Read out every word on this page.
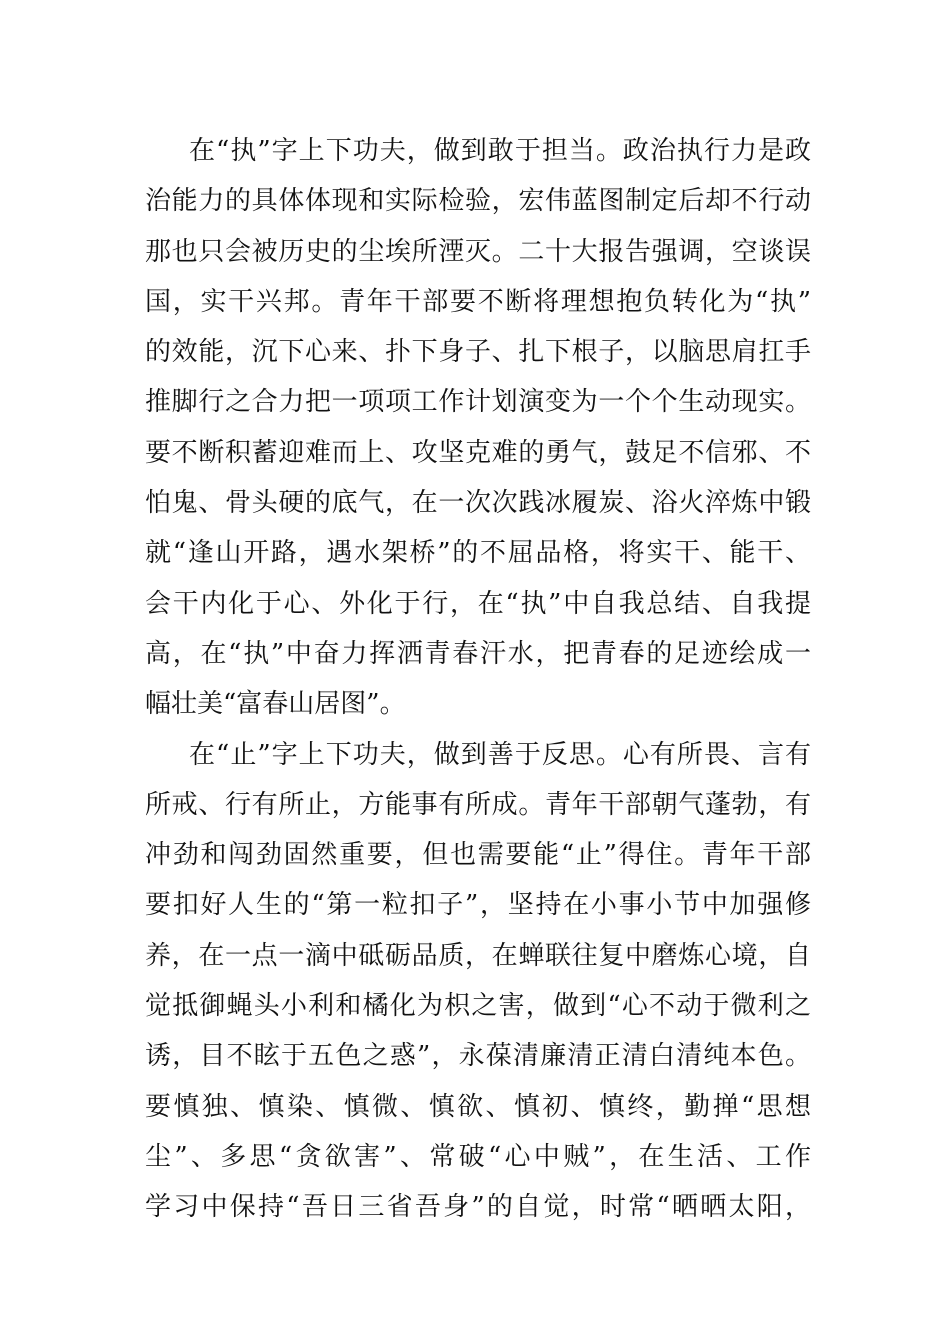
在“执”字上下功夫，做到敢于担当。政治执行力是政
治能力的具体体现和实际检验，宏伟蓝图制定后却不行动
那也只会被历史的尘埃所湮灭。二十大报告强调，空谈误
国，实干兴邦。青年干部要不断将理想抱负转化为“执”
的效能，沉下心来、扑下身子、扎下根子，以脑思肩扛手
推脚行之合力把一项项工作计划演变为一个个生动现实。
要不断积蓄迎难而上、攻坚克难的勇气，鼓足不信邪、不
怕鬼、骨头硬的底气，在一次次践冰履炭、浴火淬炼中锻
就“逢山开路，遇水架桥”的不屈品格，将实干、能干、
会干内化于心、外化于行，在“执”中自我总结、自我提
高，在“执”中奋力挥洒青春汗水，把青春的足迹绘成一
幅壮美“富春山居图”。
在“止”字上下功夫，做到善于反思。心有所畏、言有
所戒、行有所止，方能事有所成。青年干部朝气蓬勃，有
冲劲和闯劲固然重要，但也需要能“止”得住。青年干部
要扣好人生的“第一粒扣子”，坚持在小事小节中加强修
养，在一点一滴中砥砺品质，在蝉联往复中磨炼心境，自
觉抵御蝇头小利和橘化为枳之害，做到“心不动于微利之
诱，目不眩于五色之惑”，永葆清廉清正清白清纯本色。
要慎独、慎染、慎微、慎欲、慎初、慎终，勤掸“思想
尘”、多思“贪欲害”、常破“心中贼”，在生活、工作
学习中保持“吾日三省吾身”的自觉，时常“晒晒太阳，
